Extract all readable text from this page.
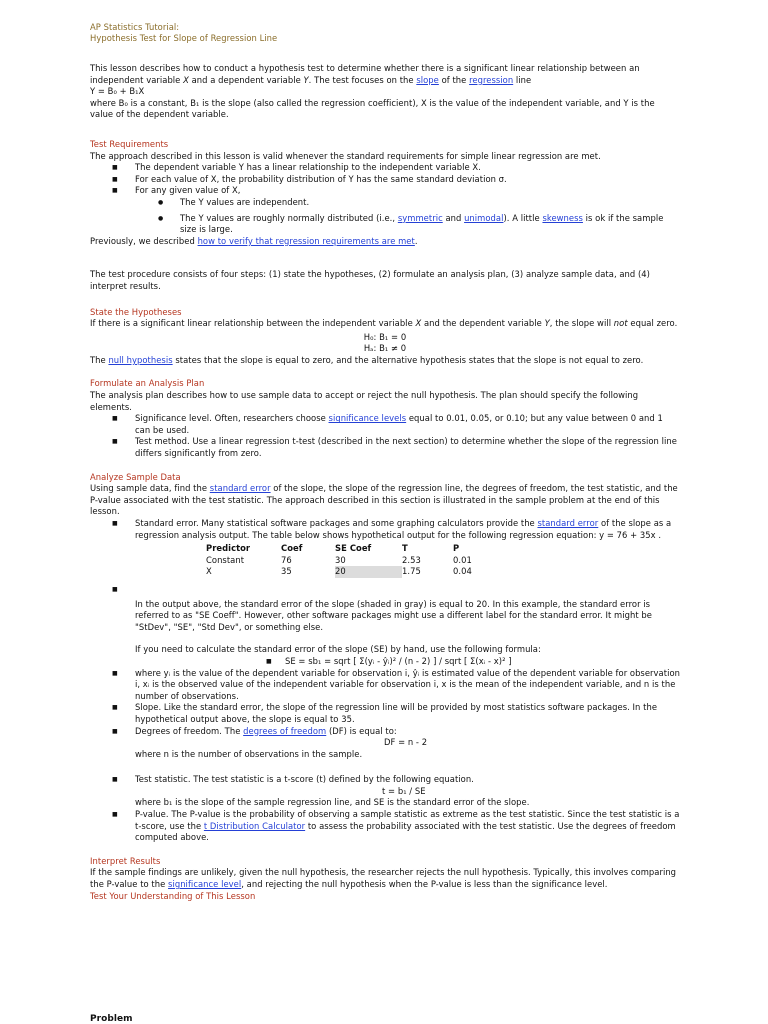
AP Statistics Tutorial:
Hypothesis Test for Slope of Regression Line

This lesson describes how to conduct a hypothesis test to determine whether there is a significant linear relationship between an independent variable X and a dependent variable Y. The test focuses on the slope of the regression line

Y = B₀ + B₁X

where B₀ is a constant, B₁ is the slope (also called the regression coefficient), X is the value of the independent variable, and Y is the value of the dependent variable.

Test Requirements

The approach described in this lesson is valid whenever the standard requirements for simple linear regression are met.

■ The dependent variable Y has a linear relationship to the independent variable X.
■ For each value of X, the probability distribution of Y has the same standard deviation σ.
■ For any given value of X,
● The Y values are independent.
● The Y values are roughly normally distributed (i.e., symmetric and unimodal). A little skewness is ok if the sample size is large.

Previously, we described how to verify that regression requirements are met.

The test procedure consists of four steps: (1) state the hypotheses, (2) formulate an analysis plan, (3) analyze sample data, and (4) interpret results.

State the Hypotheses

If there is a significant linear relationship between the independent variable X and the dependent variable Y, the slope will not equal zero.

H₀: B₁ = 0

Hₐ: B₁ ≠ 0

The null hypothesis states that the slope is equal to zero, and the alternative hypothesis states that the slope is not equal to zero.

Formulate an Analysis Plan

The analysis plan describes how to use sample data to accept or reject the null hypothesis. The plan should specify the following elements.

■ Significance level. Often, researchers choose significance levels equal to 0.01, 0.05, or 0.10; but any value between 0 and 1 can be used.
■ Test method. Use a linear regression t-test (described in the next section) to determine whether the slope of the regression line differs significantly from zero.
Analyze Sample Data

Using sample data, find the standard error of the slope, the slope of the regression line, the degrees of freedom, the test statistic, and the P-value associated with the test statistic. The approach described in this section is illustrated in the sample problem at the end of this lesson.

■ Standard error. Many statistical software packages and some graphing calculators provide the standard error of the slope as a regression analysis output. The table below shows hypothetical output for the following regression equation: y = 76 + 35x .
Predictor	Coef	SE Coef	T	P
Constant	76	30	2.53	0.01
X	35	20	1.75	0.04
■

In the output above, the standard error of the slope (shaded in gray) is equal to 20. In this example, the standard error is referred to as "SE Coeff". However, other software packages might use a different label for the standard error. It might be "StDev", "SE", "Std Dev", or something else.

If you need to calculate the standard error of the slope (SE) by hand, use the following formula:

■ SE = sb₁ = sqrt [ Σ(yᵢ - ŷᵢ)² / (n - 2) ] / sqrt [ Σ(xᵢ - x)² ]

■ where yᵢ is the value of the dependent variable for observation i, ŷᵢ is estimated value of the dependent variable for observation i, xᵢ is the observed value of the independent variable for observation i, x is the mean of the independent variable, and n is the number of observations.
■ Slope. Like the standard error, the slope of the regression line will be provided by most statistics software packages. In the hypothetical output above, the slope is equal to 35.
■ Degrees of freedom. The degrees of freedom (DF) is equal to:

DF = n - 2

where n is the number of observations in the sample.

■ Test statistic. The test statistic is a t-score (t) defined by the following equation.

t = b₁ / SE

where b₁ is the slope of the sample regression line, and SE is the standard error of the slope.

■ P-value. The P-value is the probability of observing a sample statistic as extreme as the test statistic. Since the test statistic is a t-score, use the t Distribution Calculator to assess the probability associated with the test statistic. Use the degrees of freedom computed above.
Interpret Results

If the sample findings are unlikely, given the null hypothesis, the researcher rejects the null hypothesis. Typically, this involves comparing the P-value to the significance level, and rejecting the null hypothesis when the P-value is less than the significance level.

Test Your Understanding of This Lesson
Problem
